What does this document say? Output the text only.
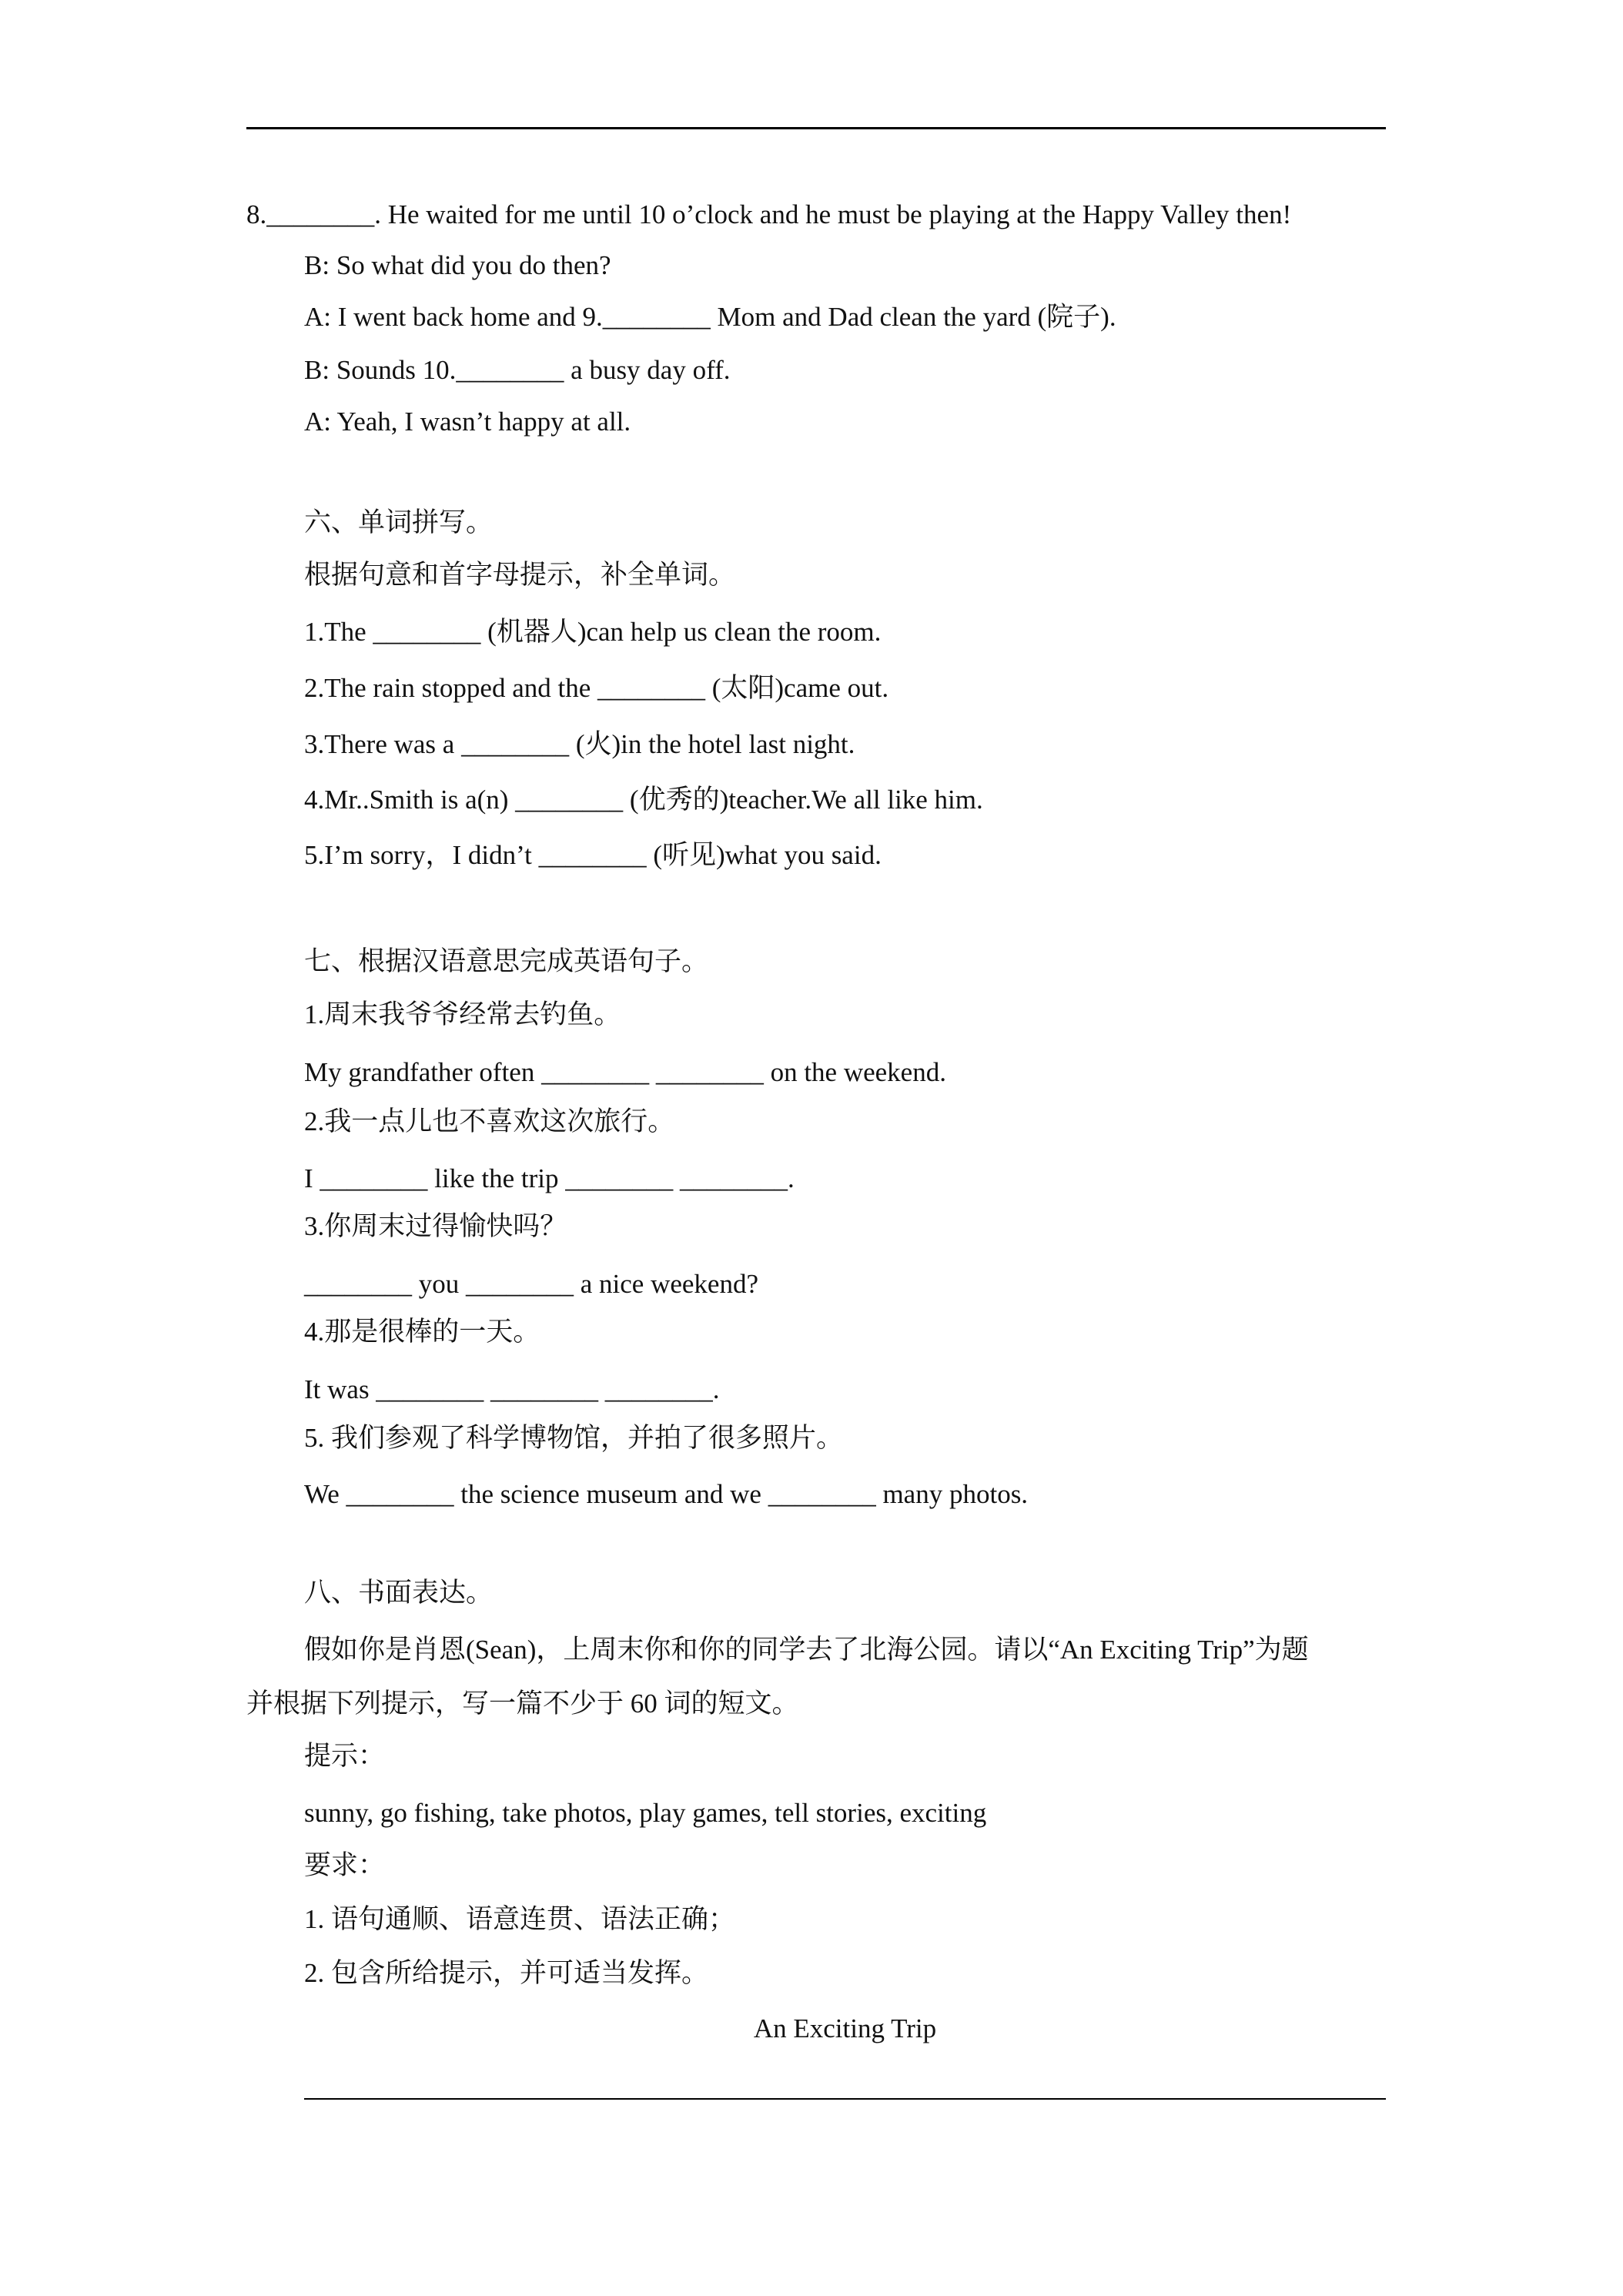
8.________. He waited for me until 10 o’clock and he must be playing at the Happy Valley then!
B: So what did you do then?
A: I went back home and 9.________ Mom and Dad clean the yard (院子).
B: Sounds 10.________ a busy day off.
A: Yeah, I wasn’t happy at all.
六、单词拼写。
根据句意和首字母提示，补全单词。
1.The ________ (机器人)can help us clean the room.
2.The rain stopped and the ________ (太阳)came out.
3.There was a ________ (火)in the hotel last night.
4.Mr..Smith is a(n) ________ (优秀的)teacher.We all like him.
5.I’m sorry，I didn’t ________ (听见)what you said.
七、根据汉语意思完成英语句子。
1.周末我爷爷经常去钓鱼。
My grandfather often ________ ________ on the weekend.
2.我一点儿也不喜欢这次旅行。
I ________ like the trip ________ ________.
3.你周末过得愉快吗？
________ you ________ a nice weekend?
4.那是很棒的一天。
It was ________ ________ ________.
5. 我们参观了科学博物馆，并拍了很多照片。
We ________ the science museum and we ________ many photos.
八、书面表达。
假如你是肖恩(Sean)，上周末你和你的同学去了北海公园。请以“An Exciting Trip”为题
并根据下列提示，写一篇不少于 60 词的短文。
提示：
sunny, go fishing, take photos, play games, tell stories, exciting
要求：
1. 语句通顺、语意连贯、语法正确；
2. 包含所给提示，并可适当发挥。
An Exciting Trip
